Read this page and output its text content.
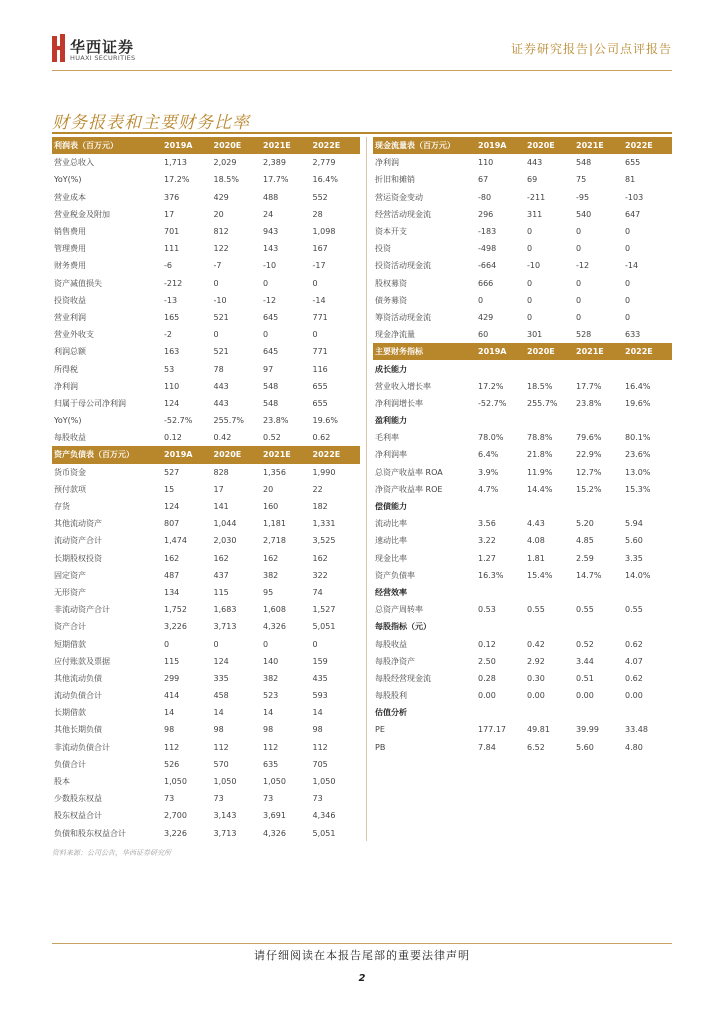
华西证券
HUAXI SECURITIES
证券研究报告|公司点评报告
财务报表和主要财务比率
利润表（百万元）	2019A	2020E	2021E	2022E
营业总收入	1,713	2,029	2,389	2,779
YoY(%)	17.2%	18.5%	17.7%	16.4%
营业成本	376	429	488	552
营业税金及附加	17	20	24	28
销售费用	701	812	943	1,098
管理费用	111	122	143	167
财务费用	-6	-7	-10	-17
资产减值损失	-212	0	0	0
投资收益	-13	-10	-12	-14
营业利润	165	521	645	771
营业外收支	-2	0	0	0
利润总额	163	521	645	771
所得税	53	78	97	116
净利润	110	443	548	655
归属于母公司净利润	124	443	548	655
YoY(%)	-52.7%	255.7%	23.8%	19.6%
每股收益	0.12	0.42	0.52	0.62
资产负债表（百万元）	2019A	2020E	2021E	2022E
货币资金	527	828	1,356	1,990
预付款项	15	17	20	22
存货	124	141	160	182
其他流动资产	807	1,044	1,181	1,331
流动资产合计	1,474	2,030	2,718	3,525
长期股权投资	162	162	162	162
固定资产	487	437	382	322
无形资产	134	115	95	74
非流动资产合计	1,752	1,683	1,608	1,527
资产合计	3,226	3,713	4,326	5,051
短期借款	0	0	0	0
应付账款及票据	115	124	140	159
其他流动负债	299	335	382	435
流动负债合计	414	458	523	593
长期借款	14	14	14	14
其他长期负债	98	98	98	98
非流动负债合计	112	112	112	112
负债合计	526	570	635	705
股本	1,050	1,050	1,050	1,050
少数股东权益	73	73	73	73
股东权益合计	2,700	3,143	3,691	4,346
负债和股东权益合计	3,226	3,713	4,326	5,051
现金流量表（百万元）	2019A	2020E	2021E	2022E
净利润	110	443	548	655
折旧和摊销	67	69	75	81
营运资金变动	-80	-211	-95	-103
经营活动现金流	296	311	540	647
资本开支	-183	0	0	0
投资	-498	0	0	0
投资活动现金流	-664	-10	-12	-14
股权募资	666	0	0	0
债务募资	0	0	0	0
筹资活动现金流	429	0	0	0
现金净流量	60	301	528	633
主要财务指标	2019A	2020E	2021E	2022E
成长能力				
营业收入增长率	17.2%	18.5%	17.7%	16.4%
净利润增长率	-52.7%	255.7%	23.8%	19.6%
盈利能力				
毛利率	78.0%	78.8%	79.6%	80.1%
净利润率	6.4%	21.8%	22.9%	23.6%
总资产收益率 ROA	3.9%	11.9%	12.7%	13.0%
净资产收益率 ROE	4.7%	14.4%	15.2%	15.3%
偿债能力				
流动比率	3.56	4.43	5.20	5.94
速动比率	3.22	4.08	4.85	5.60
现金比率	1.27	1.81	2.59	3.35
资产负债率	16.3%	15.4%	14.7%	14.0%
经营效率				
总资产周转率	0.53	0.55	0.55	0.55
每股指标（元）				
每股收益	0.12	0.42	0.52	0.62
每股净资产	2.50	2.92	3.44	4.07
每股经营现金流	0.28	0.30	0.51	0.62
每股股利	0.00	0.00	0.00	0.00
估值分析				
PE	177.17	49.81	39.99	33.48
PB	7.84	6.52	5.60	4.80
资料来源：公司公告，华西证券研究所
请仔细阅读在本报告尾部的重要法律声明
2
